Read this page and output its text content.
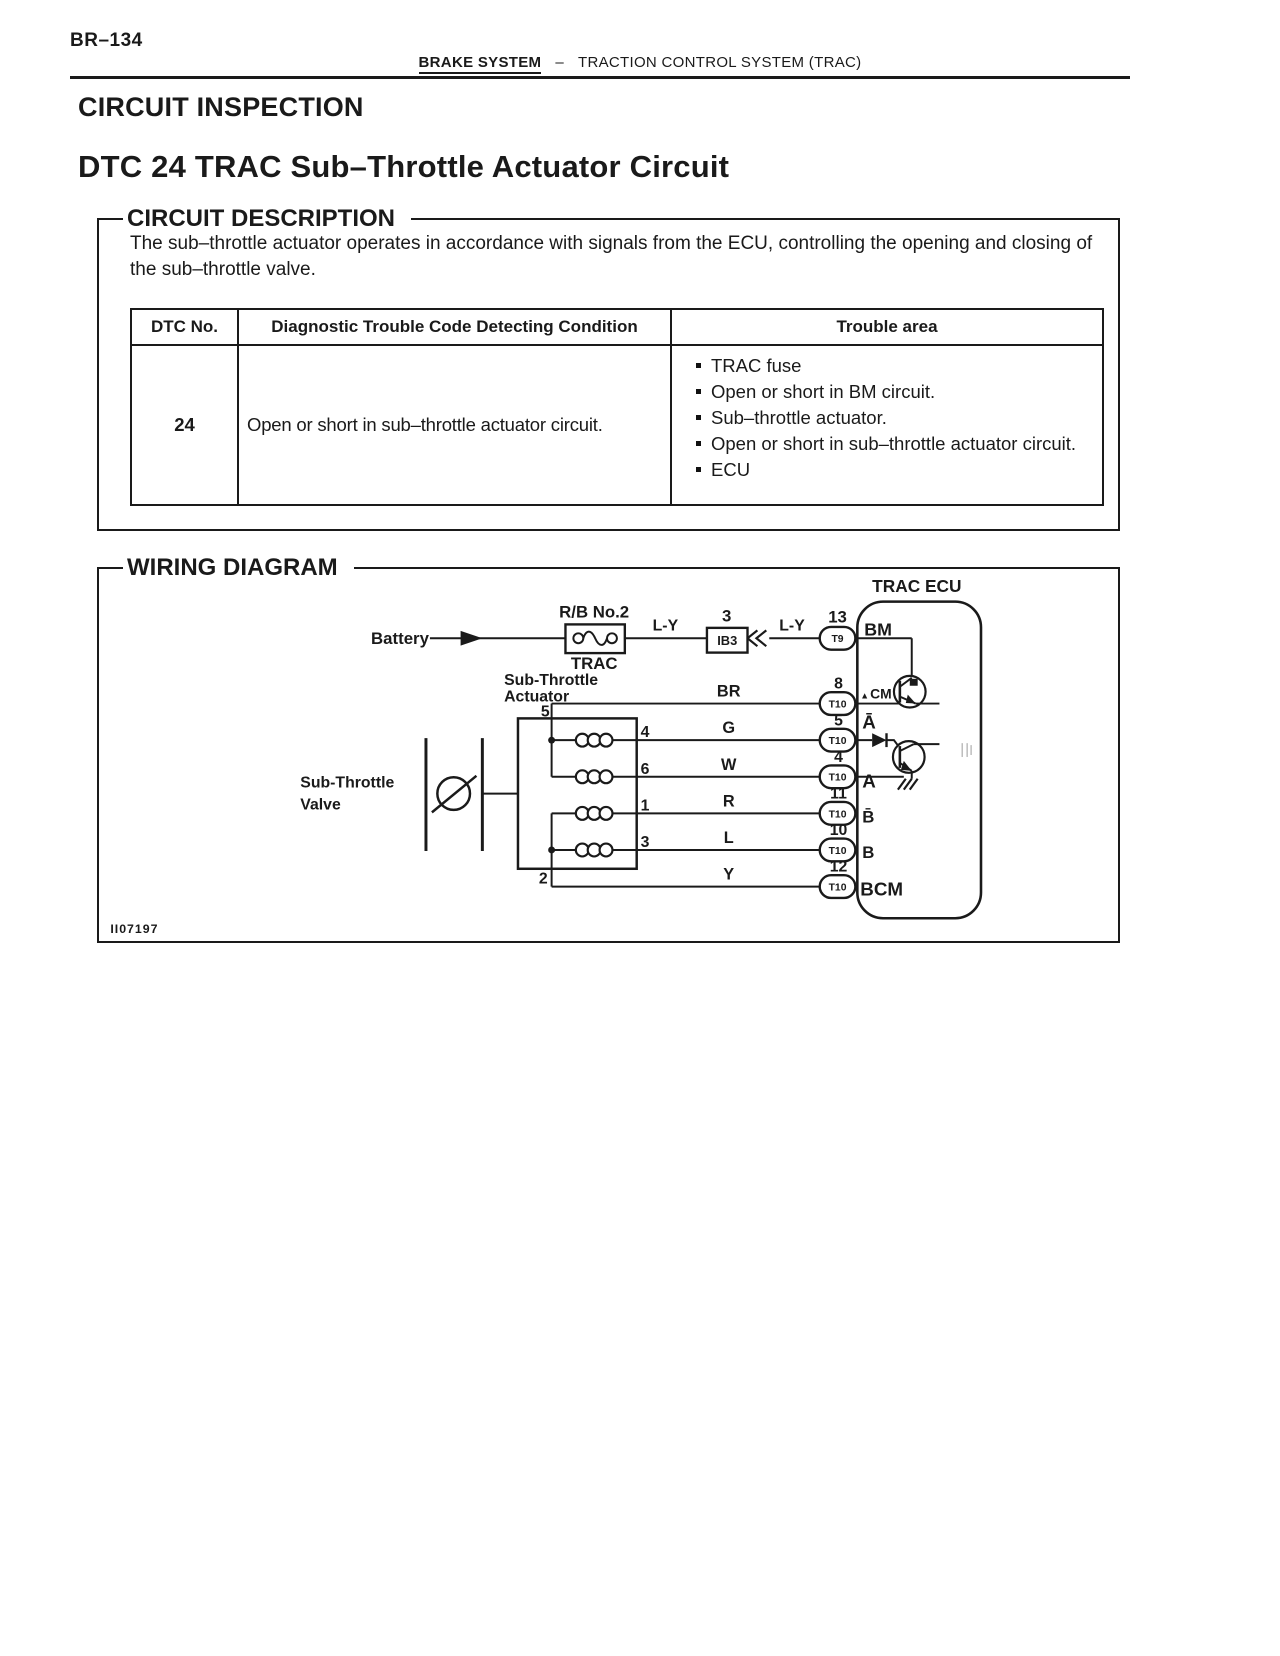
BR–134
BRAKE SYSTEM – TRACTION CONTROL SYSTEM (TRAC)
CIRCUIT INSPECTION
DTC 24 TRAC Sub–Throttle Actuator Circuit
CIRCUIT DESCRIPTION
The sub–throttle actuator operates in accordance with signals from the ECU, controlling the opening and closing of the sub–throttle valve.
DTC No.	Diagnostic Trouble Code Detecting Condition	Trouble area
24	Open or short in sub–throttle actuator circuit.	
TRAC fuse
Open or short in BM circuit.
Sub–throttle actuator.
Open or short in sub–throttle actuator circuit.
ECU
WIRING DIAGRAM
Battery
R/B No.2
TRAC
Sub-Throttle
Actuator
Sub-Throttle
Valve
L-Y
3
IB3
L-Y
TRAC ECU
13
T9
BM
5
BR	8
T10
▲CM
4	G	5
T10
Ā
6	W	4
T10 A
1	R	11
T10 B̄
3	L	10
T10 B
2	Y	12
T10 BCM
II07197
